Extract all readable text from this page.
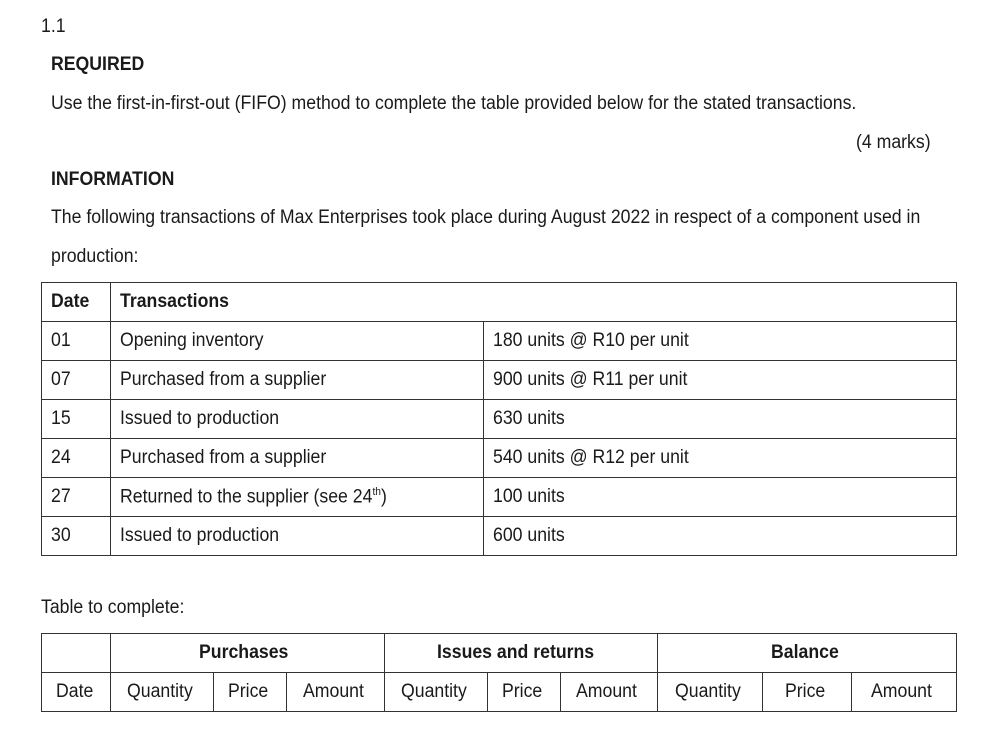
1.1
REQUIRED
Use the first-in-first-out (FIFO) method to complete the table provided below for the stated transactions.
(4 marks)
INFORMATION
The following transactions of Max Enterprises took place during August 2022 in respect of a component used in
production:
Date	Transactions	
01	Opening inventory	180 units @ R10 per unit
07	Purchased from a supplier	900 units @ R11 per unit
15	Issued to production	630 units
24	Purchased from a supplier	540 units @ R12 per unit
27	Returned to the supplier (see 24th)	100 units
30	Issued to production	600 units
Table to complete:
	Purchases			Issues and returns			Balance		
Date	Quantity	Price	Amount	Quantity	Price	Amount	Quantity	Price	Amount
